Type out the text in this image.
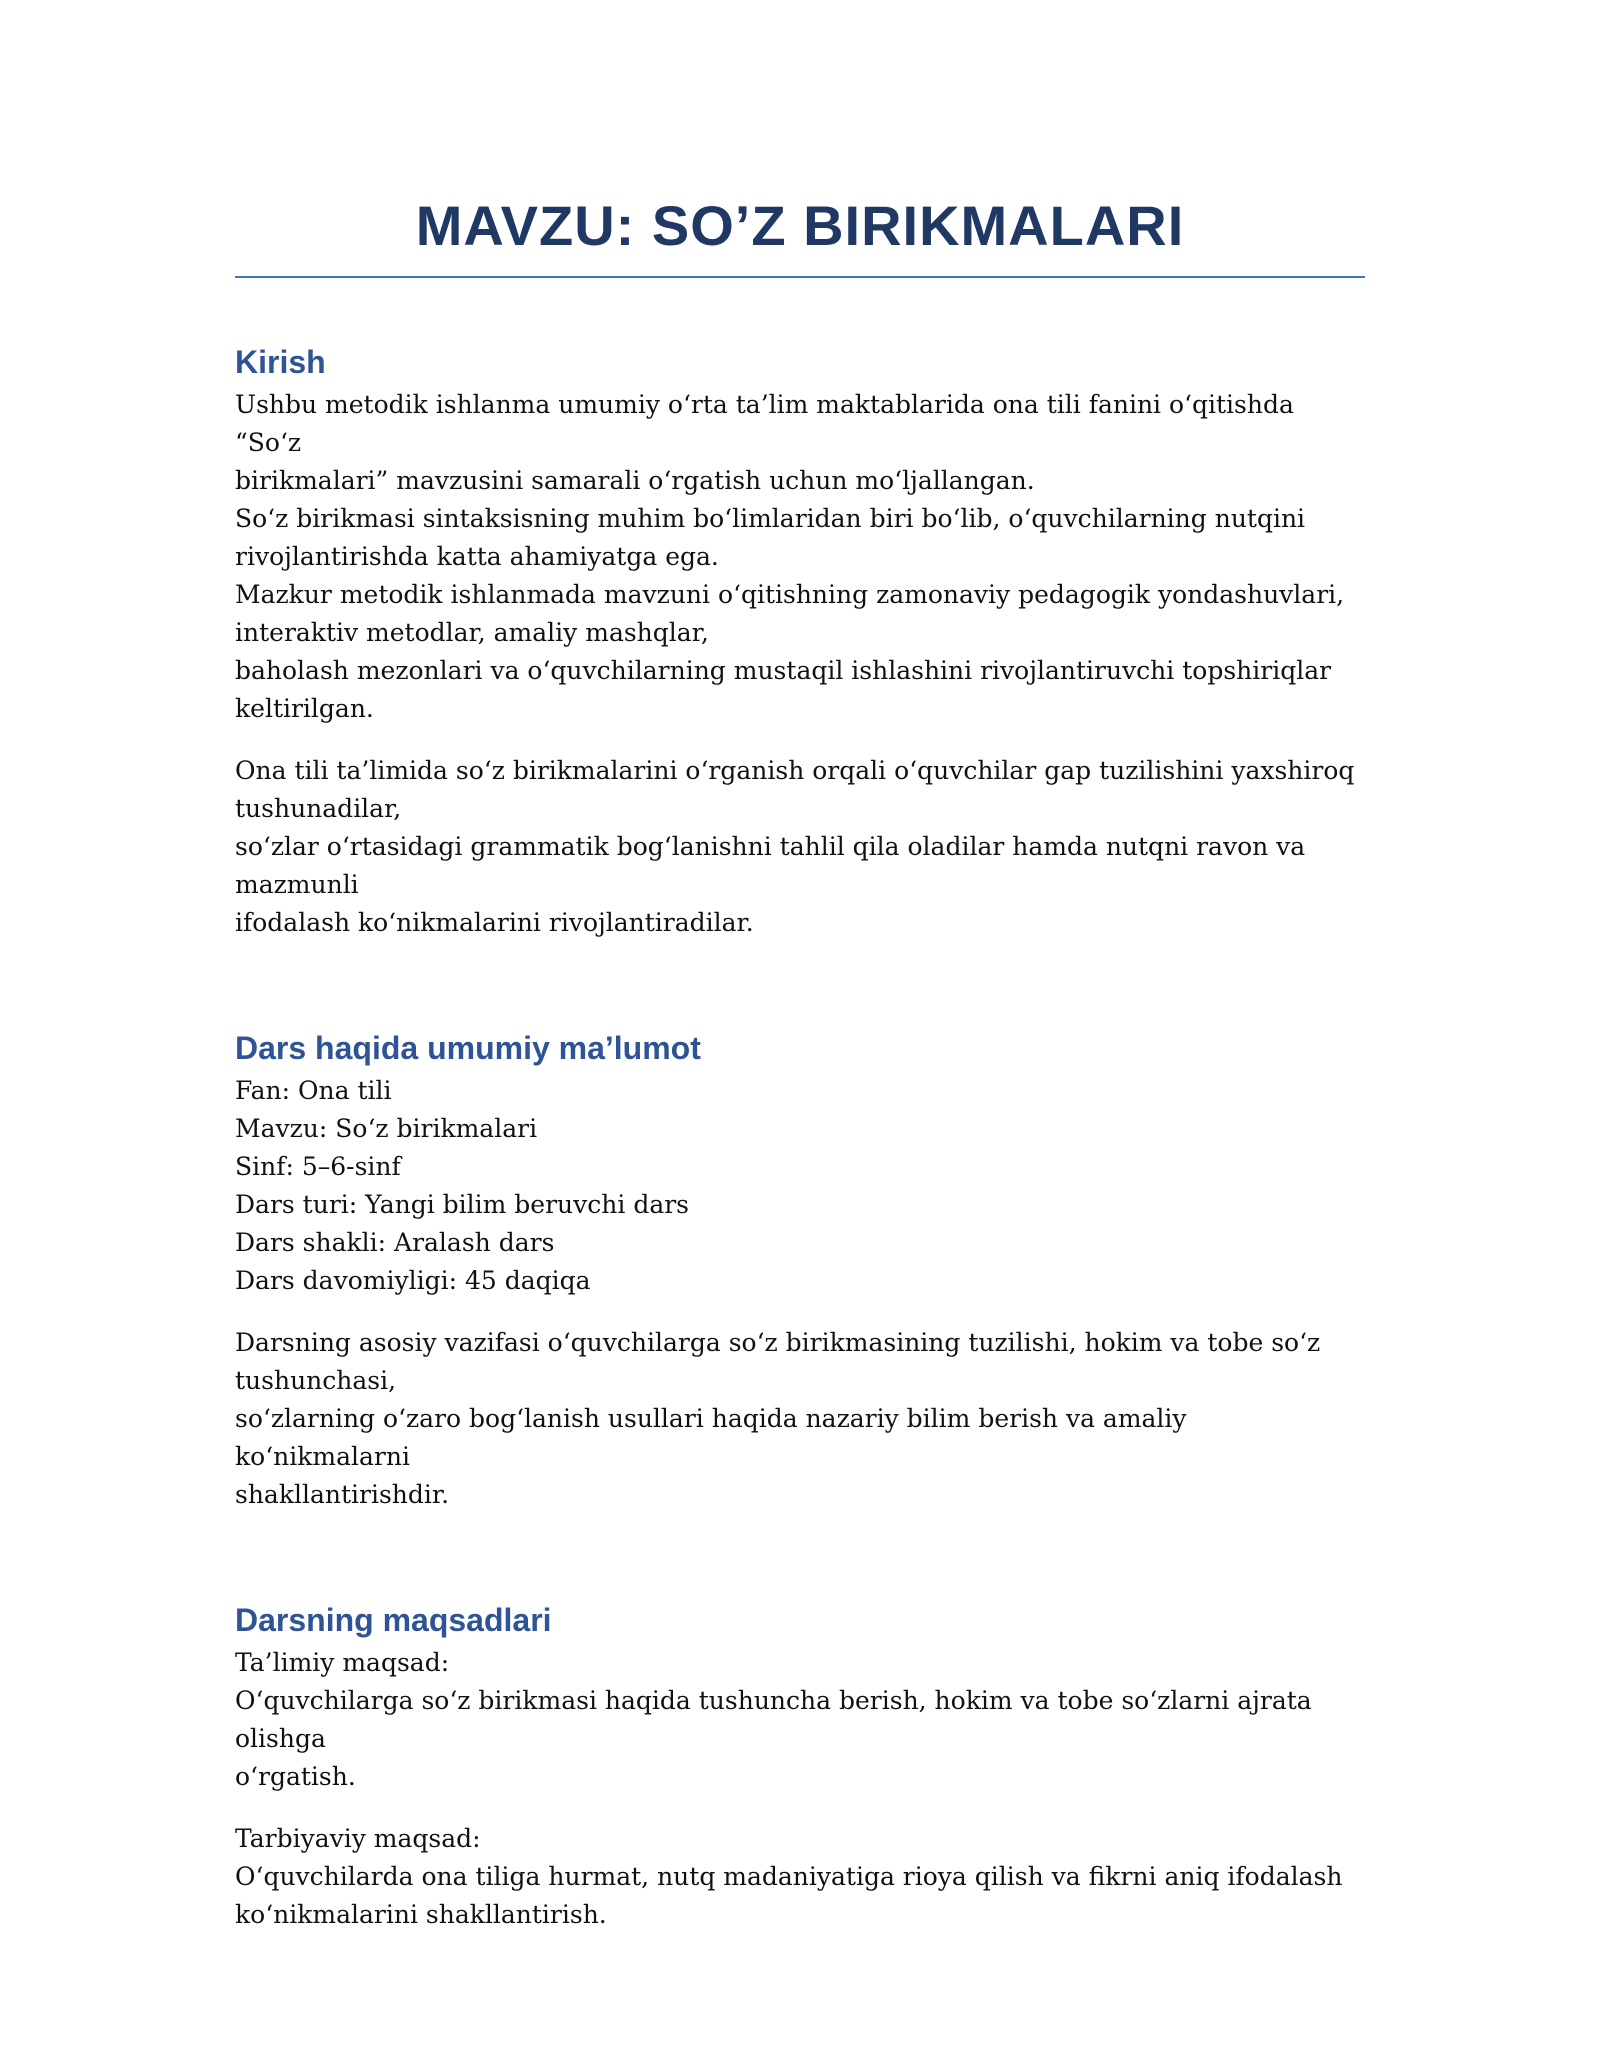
MAVZU: SO’Z BIRIKMALARI
Kirish

Ushbu metodik ishlanma umumiy o‘rta ta’lim maktablarida ona tili fanini o‘qitishda “So‘z
birikmalari” mavzusini samarali o‘rgatish uchun mo‘ljallangan.
So‘z birikmasi sintaksisning muhim bo‘limlaridan biri bo‘lib, o‘quvchilarning nutqini
rivojlantirishda katta ahamiyatga ega.
Mazkur metodik ishlanmada mavzuni o‘qitishning zamonaviy pedagogik yondashuvlari,
interaktiv metodlar, amaliy mashqlar,
baholash mezonlari va o‘quvchilarning mustaqil ishlashini rivojlantiruvchi topshiriqlar
keltirilgan.

Ona tili ta’limida so‘z birikmalarini o‘rganish orqali o‘quvchilar gap tuzilishini yaxshiroq
tushunadilar,
so‘zlar o‘rtasidagi grammatik bog‘lanishni tahlil qila oladilar hamda nutqni ravon va mazmunli
ifodalash ko‘nikmalarini rivojlantiradilar.

Dars haqida umumiy ma’lumot

Fan: Ona tili
Mavzu: So‘z birikmalari
Sinf: 5–6-sinf
Dars turi: Yangi bilim beruvchi dars
Dars shakli: Aralash dars
Dars davomiyligi: 45 daqiqa

Darsning asosiy vazifasi o‘quvchilarga so‘z birikmasining tuzilishi, hokim va tobe so‘z
tushunchasi,
so‘zlarning o‘zaro bog‘lanish usullari haqida nazariy bilim berish va amaliy ko‘nikmalarni
shakllantirishdir.

Darsning maqsadlari

Ta’limiy maqsad:
O‘quvchilarga so‘z birikmasi haqida tushuncha berish, hokim va tobe so‘zlarni ajrata olishga
o‘rgatish.

Tarbiyaviy maqsad:
O‘quvchilarda ona tiliga hurmat, nutq madaniyatiga rioya qilish va fikrni aniq ifodalash
ko‘nikmalarini shakllantirish.
